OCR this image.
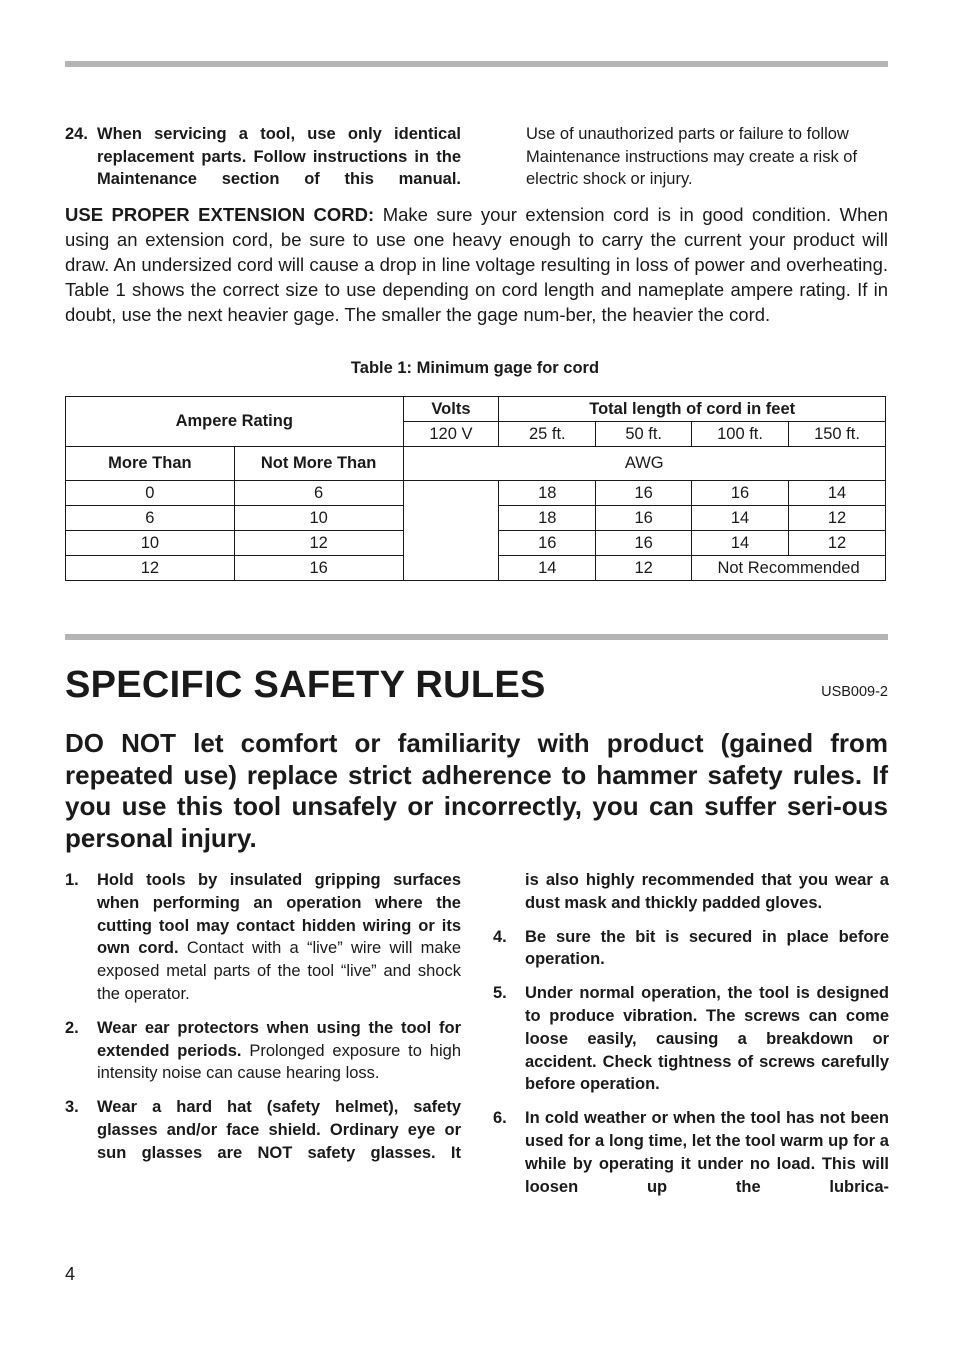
24. When servicing a tool, use only identical replacement parts. Follow instructions in the Maintenance section of this manual.
Use of unauthorized parts or failure to follow Maintenance instructions may create a risk of electric shock or injury.
USE PROPER EXTENSION CORD: Make sure your extension cord is in good condition. When using an extension cord, be sure to use one heavy enough to carry the current your product will draw. An undersized cord will cause a drop in line voltage resulting in loss of power and overheating. Table 1 shows the correct size to use depending on cord length and nameplate ampere rating. If in doubt, use the next heavier gage. The smaller the gage num-ber, the heavier the cord.
Table 1: Minimum gage for cord
Ampere Rating		Volts	Total length of cord in feet			
		120 V	25 ft.	50 ft.	100 ft.	150 ft.
More Than	Not More Than	AWG				
0	6		18	16	16	14
6	10		18	16	14	12
10	12		16	16	14	12
12	16		14	12	Not Recommended	
SPECIFIC SAFETY RULES	USB009-2
DO NOT let comfort or familiarity with product (gained from repeated use) replace strict adherence to hammer safety rules. If you use this tool unsafely or incorrectly, you can suffer seri-ous personal injury.
1. Hold tools by insulated gripping surfaces when performing an operation where the cutting tool may contact hidden wiring or its own cord. Contact with a “live” wire will make exposed metal parts of the tool “live” and shock the operator.
2. Wear ear protectors when using the tool for extended periods. Prolonged exposure to high intensity noise can cause hearing loss.
3. Wear a hard hat (safety helmet), safety glasses and/or face shield. Ordinary eye or sun glasses are NOT safety glasses. It
is also highly recommended that you wear a dust mask and thickly padded gloves.
4. Be sure the bit is secured in place before operation.
5. Under normal operation, the tool is designed to produce vibration. The screws can come loose easily, causing a breakdown or accident. Check tightness of screws carefully before operation.
6. In cold weather or when the tool has not been used for a long time, let the tool warm up for a while by operating it under no load. This will loosen up the lubrica-
4
